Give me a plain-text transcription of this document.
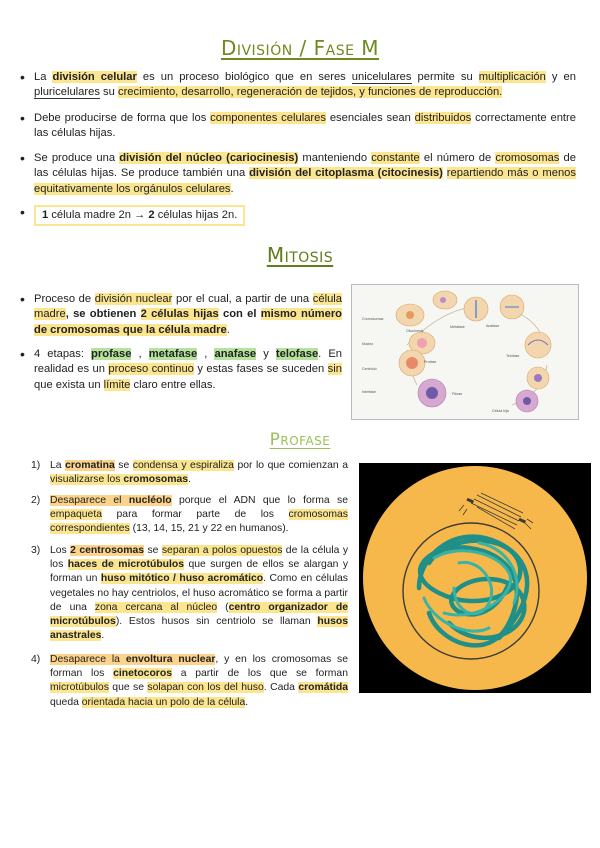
División / Fase M
• La división celular es un proceso biológico que en seres unicelulares permite su multiplicación y en pluricelulares su crecimiento, desarrollo, regeneración de tejidos, y funciones de reproducción.
• Debe producirse de forma que los componentes celulares esenciales sean distribuidos correctamente entre las células hijas.
• Se produce una división del núcleo (cariocinesis) manteniendo constante el número de cromosomas de las células hijas. Se produce también una división del citoplasma (citocinesis) repartiendo más o menos equitativamente los orgánulos celulares.
• 1 célula madre 2n → 2 células hijas 2n.
Mitosis
• Proceso de división nuclear por el cual, a partir de una célula madre, se obtienen 2 células hijas con el mismo número de cromosomas que la célula madre.
• 4 etapas: profase , metafase , anafase y telofase. En realidad es un proceso continuo y estas fases se suceden sin que exista un límite claro entre ellas.
Cromosomas
Citocinesis
Metafase	Anafase
Núcleo
Centríolo
Profase
Telofase
Interfase	Fibras
Célula hija
Profase
1) La cromatina se condensa y espiraliza por lo que comienzan a visualizarse los cromosomas.
2) Desaparece el nucléolo porque el ADN que lo forma se empaqueta para formar parte de los cromosomas correspondientes (13, 14, 15, 21 y 22 en humanos).
3) Los 2 centrosomas se separan a polos opuestos de la célula y los haces de microtúbulos que surgen de ellos se alargan y forman un huso mitótico / huso acromático. Como en células vegetales no hay centriolos, el huso acromático se forma a partir de una zona cercana al núcleo (centro organizador de microtúbulos). Estos husos sin centriolo se llaman husos anastrales.
4) Desaparece la envoltura nuclear, y en los cromosomas se forman los cinetocoros a partir de los que se forman microtúbulos que se solapan con los del huso. Cada cromátida queda orientada hacia un polo de la célula.
